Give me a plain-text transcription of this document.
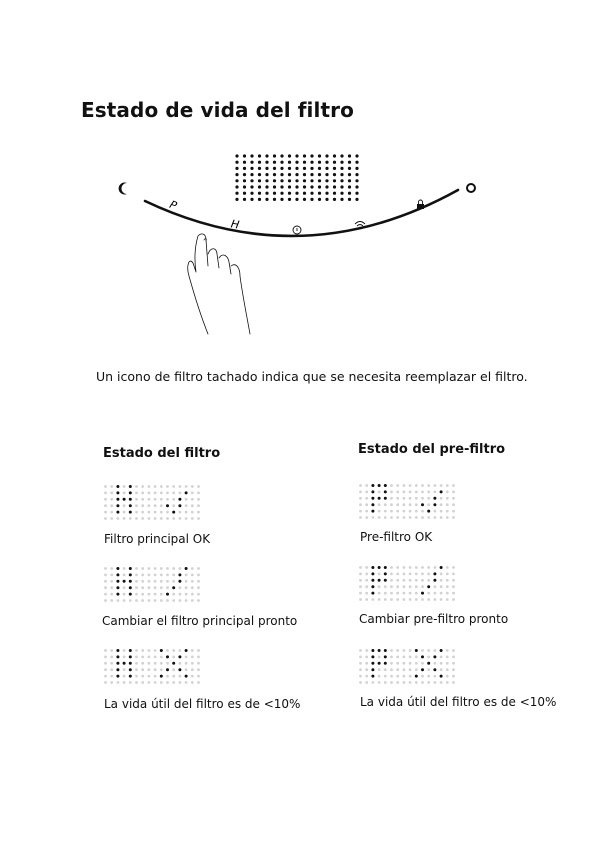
Estado de vida del filtro
P
H
Un icono de filtro tachado indica que se necesita reemplazar el filtro.
Estado del filtro	Estado del pre-filtro
Filtro principal OK
Cambiar el filtro principal pronto
La vida útil del filtro es de <10%
Pre-filtro OK
Cambiar pre-filtro pronto
La vida útil del filtro es de <10%
